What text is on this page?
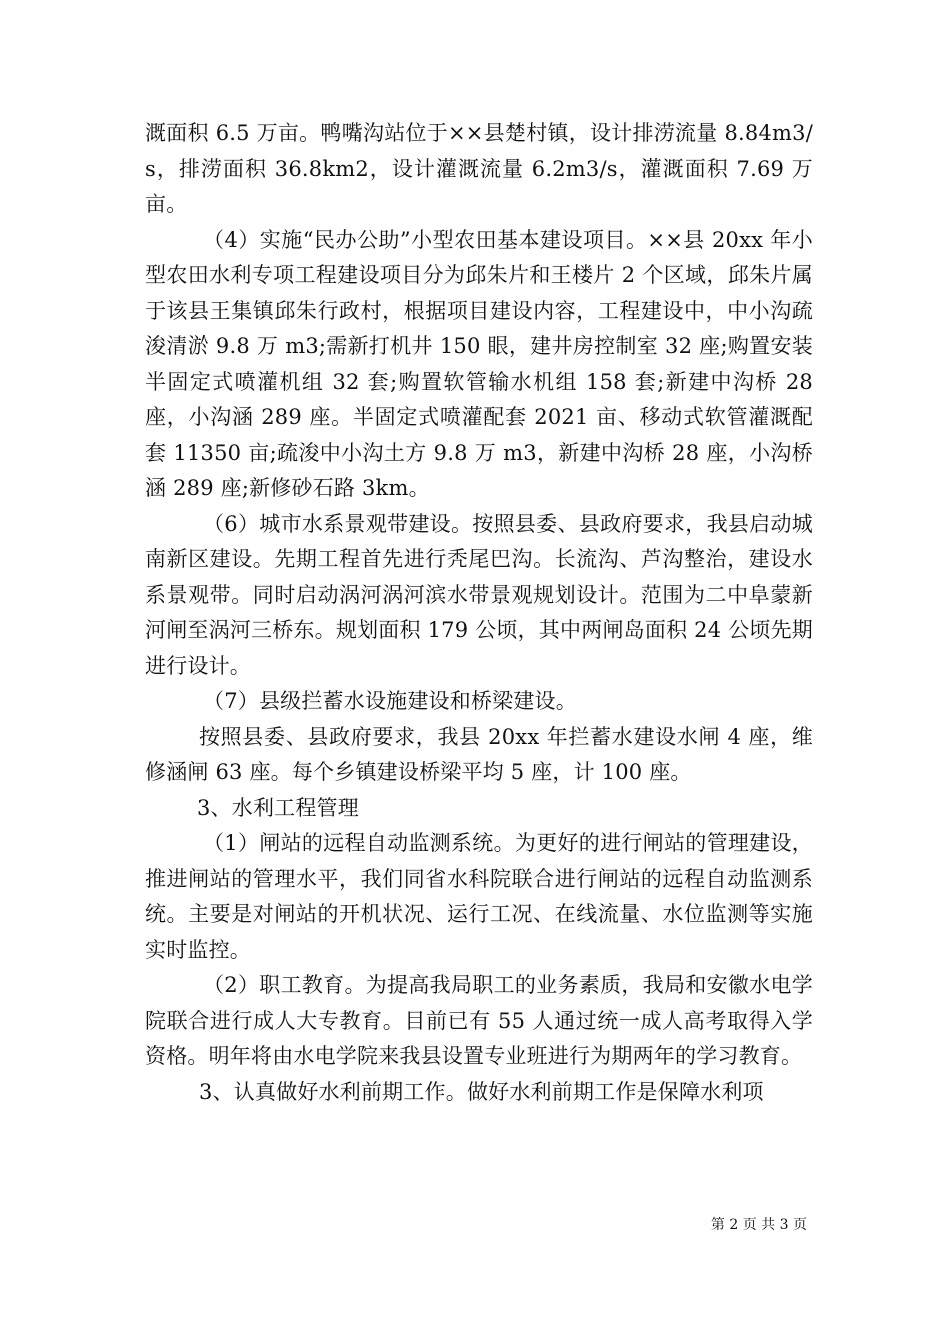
溉面积 6.5 万亩。鸭嘴沟站位于××县楚村镇，设计排涝流量 8.84m3/s，排涝面积 36.8km2，设计灌溉流量 6.2m3/s，灌溉面积 7.69 万亩。

（4）实施“民办公助”小型农田基本建设项目。××县 20xx 年小型农田水利专项工程建设项目分为邱朱片和王楼片 2 个区域，邱朱片属于该县王集镇邱朱行政村，根据项目建设内容，工程建设中，中小沟疏浚清淤 9.8 万 m3;需新打机井 150 眼，建井房控制室 32 座;购置安装半固定式喷灌机组 32 套;购置软管输水机组 158 套;新建中沟桥 28 座，小沟涵 289 座。半固定式喷灌配套 2021 亩、移动式软管灌溉配套 11350 亩;疏浚中小沟土方 9.8 万 m3，新建中沟桥 28 座，小沟桥涵 289 座;新修砂石路 3km。

（6）城市水系景观带建设。按照县委、县政府要求，我县启动城南新区建设。先期工程首先进行秃尾巴沟。长流沟、芦沟整治，建设水系景观带。同时启动涡河涡河滨水带景观规划设计。范围为二中阜蒙新河闸至涡河三桥东。规划面积 179 公顷，其中两闸岛面积 24 公顷先期进行设计。

（7）县级拦蓄水设施建设和桥梁建设。

按照县委、县政府要求，我县 20xx 年拦蓄水建设水闸 4 座，维修涵闸 63 座。每个乡镇建设桥梁平均 5 座，计 100 座。

3、水利工程管理

（1）闸站的远程自动监测系统。为更好的进行闸站的管理建设，推进闸站的管理水平，我们同省水科院联合进行闸站的远程自动监测系统。主要是对闸站的开机状况、运行工况、在线流量、水位监测等实施实时监控。

（2）职工教育。为提高我局职工的业务素质，我局和安徽水电学院联合进行成人大专教育。目前已有 55 人通过统一成人高考取得入学资格。明年将由水电学院来我县设置专业班进行为期两年的学习教育。

3、认真做好水利前期工作。做好水利前期工作是保障水利项

第 2 页 共 3 页
